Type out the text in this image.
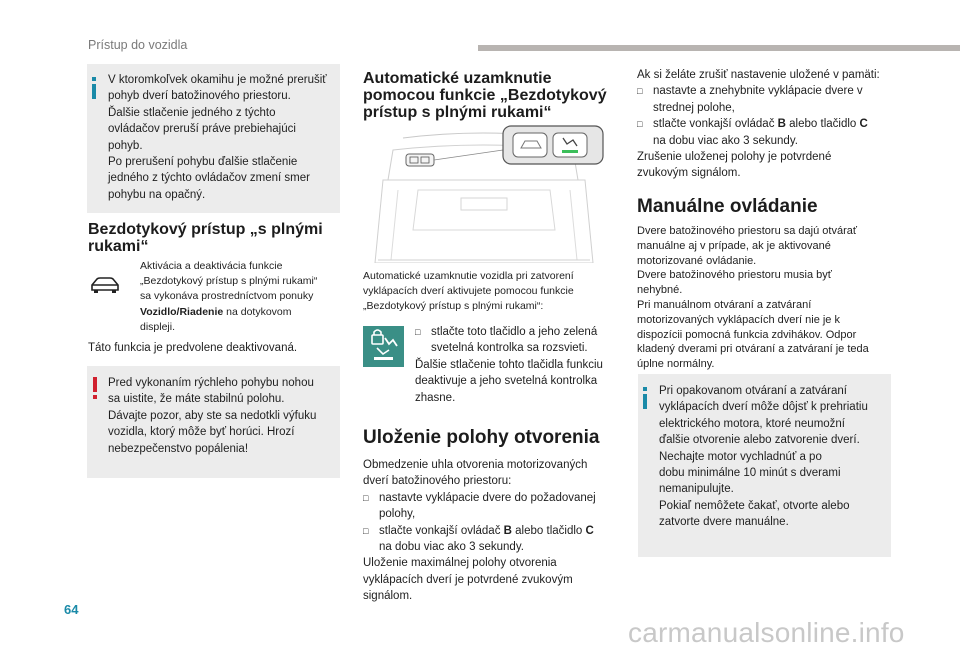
Prístup do vozidla

V ktoromkoľvek okamihu je možné prerušiť

pohyb dverí batožinového priestoru.

Ďalšie stlačenie jedného z týchto

ovládačov preruší práve prebiehajúci

pohyb.

Po prerušení pohybu ďalšie stlačenie

jedného z týchto ovládačov zmení smer

pohybu na opačný.

Bezdotykový prístup „s plnými
rukami“

Aktivácia a deaktivácia funkcie

„Bezdotykový prístup s plnými rukami“

sa vykonáva prostredníctvom ponuky

Vozidlo/Riadenie na dotykovom

displeji.

Táto funkcia je predvolene deaktivovaná.

Pred vykonaním rýchleho pohybu nohou

sa uistite, že máte stabilnú polohu.

Dávajte pozor, aby ste sa nedotkli výfuku

vozidla, ktorý môže byť horúci. Hrozí

nebezpečenstvo popálenia!

Automatické uzamknutie
pomocou funkcie „Bezdotykový
prístup s plnými rukami“

Automatické uzamknutie vozidla pri zatvorení

vyklápacích dverí aktivujete pomocou funkcie

„Bezdotykový prístup s plnými rukami“:

□ stlačte toto tlačidlo a jeho zelená

svetelná kontrolka sa rozsvieti.

Ďalšie stlačenie tohto tlačidla funkciu

deaktivuje a jeho svetelná kontrolka

zhasne.

Uloženie polohy otvorenia

Obmedzenie uhla otvorenia motorizovaných

dverí batožinového priestoru:

□ nastavte vyklápacie dvere do požadovanej

polohy,

□ stlačte vonkajší ovládač B alebo tlačidlo C

na dobu viac ako 3 sekundy.

Uloženie maximálnej polohy otvorenia

vyklápacích dverí je potvrdené zvukovým

signálom.

Ak si želáte zrušiť nastavenie uložené v pamäti:

□ nastavte a znehybnite vyklápacie dvere v

strednej polohe,

□ stlačte vonkajší ovládač B alebo tlačidlo C

na dobu viac ako 3 sekundy.

Zrušenie uloženej polohy je potvrdené

zvukovým signálom.

Manuálne ovládanie

Dvere batožinového priestoru sa dajú otvárať

manuálne aj v prípade, ak je aktivované

motorizované ovládanie.

Dvere batožinového priestoru musia byť

nehybné.

Pri manuálnom otváraní a zatváraní

motorizovaných vyklápacích dverí nie je k

dispozícii pomocná funkcia zdvihákov. Odpor

kladený dverami pri otváraní a zatváraní je teda

úplne normálny.

Pri opakovanom otváraní a zatváraní

vyklápacích dverí môže dôjsť k prehriatiu

elektrického motora, ktoré neumožní

ďalšie otvorenie alebo zatvorenie dverí.

Nechajte motor vychladnúť a po

dobu minimálne 10 minút s dverami

nemanipulujte.

Pokiaľ nemôžete čakať, otvorte alebo

zatvorte dvere manuálne.

64
carmanualsonline.info
